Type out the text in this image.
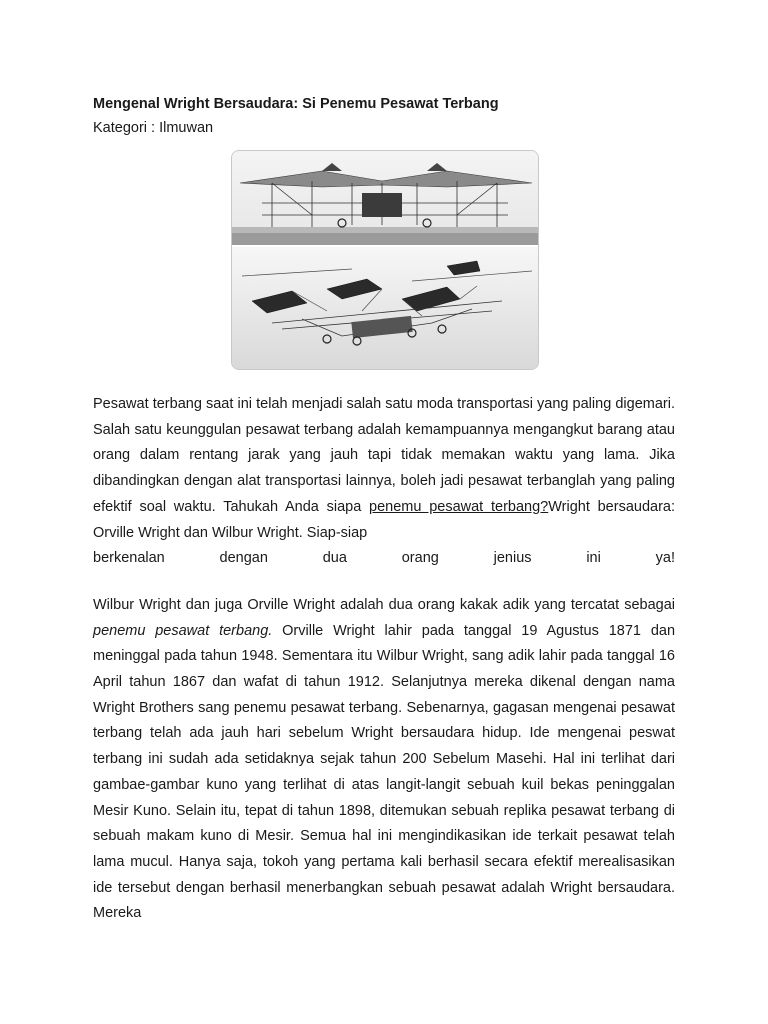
Mengenal Wright Bersaudara: Si Penemu Pesawat Terbang

Kategori : Ilmuwan

Pesawat terbang saat ini telah menjadi salah satu moda transportasi yang paling digemari. Salah satu keunggulan pesawat terbang adalah kemampuannya mengangkut barang atau orang dalam rentang jarak yang jauh tapi tidak memakan waktu yang lama. Jika dibandingkan dengan alat transportasi lainnya, boleh jadi pesawat terbanglah yang paling efektif soal waktu. Tahukah Anda siapa penemu pesawat terbang?Wright bersaudara: Orville Wright dan Wilbur Wright. Siap-siap
berkenalan	dengan	dua	orang	jenius	ini	ya!

Wilbur Wright dan juga Orville Wright adalah dua orang kakak adik yang tercatat sebagai penemu pesawat terbang. Orville Wright lahir pada tanggal 19 Agustus 1871 dan meninggal pada tahun 1948. Sementara itu Wilbur Wright, sang adik lahir pada tanggal 16 April tahun 1867 dan wafat di tahun 1912. Selanjutnya mereka dikenal dengan nama Wright Brothers sang penemu pesawat terbang. Sebenarnya, gagasan mengenai pesawat terbang telah ada jauh hari sebelum Wright bersaudara hidup. Ide mengenai peswat terbang ini sudah ada setidaknya sejak tahun 200 Sebelum Masehi. Hal ini terlihat dari gambae-gambar kuno yang terlihat di atas langit-langit sebuah kuil bekas peninggalan Mesir Kuno. Selain itu, tepat di tahun 1898, ditemukan sebuah replika pesawat terbang di sebuah makam kuno di Mesir. Semua hal ini mengindikasikan ide terkait pesawat telah lama mucul. Hanya saja, tokoh yang pertama kali berhasil secara efektif merealisasikan ide tersebut dengan berhasil menerbangkan sebuah pesawat adalah Wright bersaudara. Mereka
